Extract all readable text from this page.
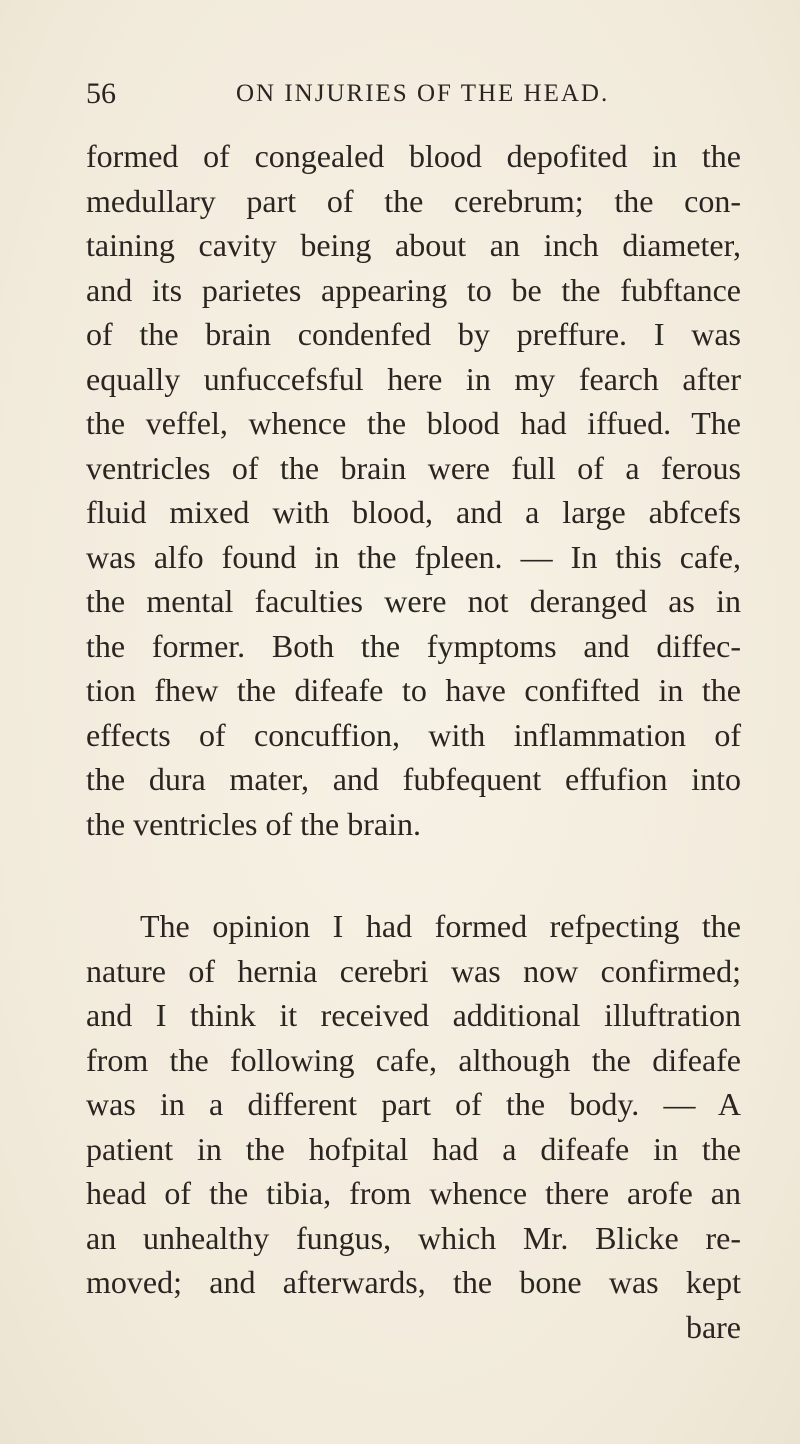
56	ON INJURIES OF THE HEAD.

formed of congealed blood depofited in the
medullary part of the cerebrum; the con-
taining cavity being about an inch diameter,
and its parietes appearing to be the fubftance
of the brain condenfed by preffure. I was
equally unfuccefsful here in my fearch after
the veffel, whence the blood had iffued. The
ventricles of the brain were full of a ferous
fluid mixed with blood, and a large abfcefs
was alfo found in the fpleen. — In this cafe,
the mental faculties were not deranged as in
the former. Both the fymptoms and diffec-
tion fhew the difeafe to have confifted in the
effects of concuffion, with inflammation of
the dura mater, and fubfequent effufion into
the ventricles of the brain.

The opinion I had formed refpecting the
nature of hernia cerebri was now confirmed;
and I think it received additional illuftration
from the following cafe, although the difeafe
was in a different part of the body. — A
patient in the hofpital had a difeafe in the
head of the tibia, from whence there arofe an
an unhealthy fungus, which Mr. Blicke re-
moved; and afterwards, the bone was kept
bare
